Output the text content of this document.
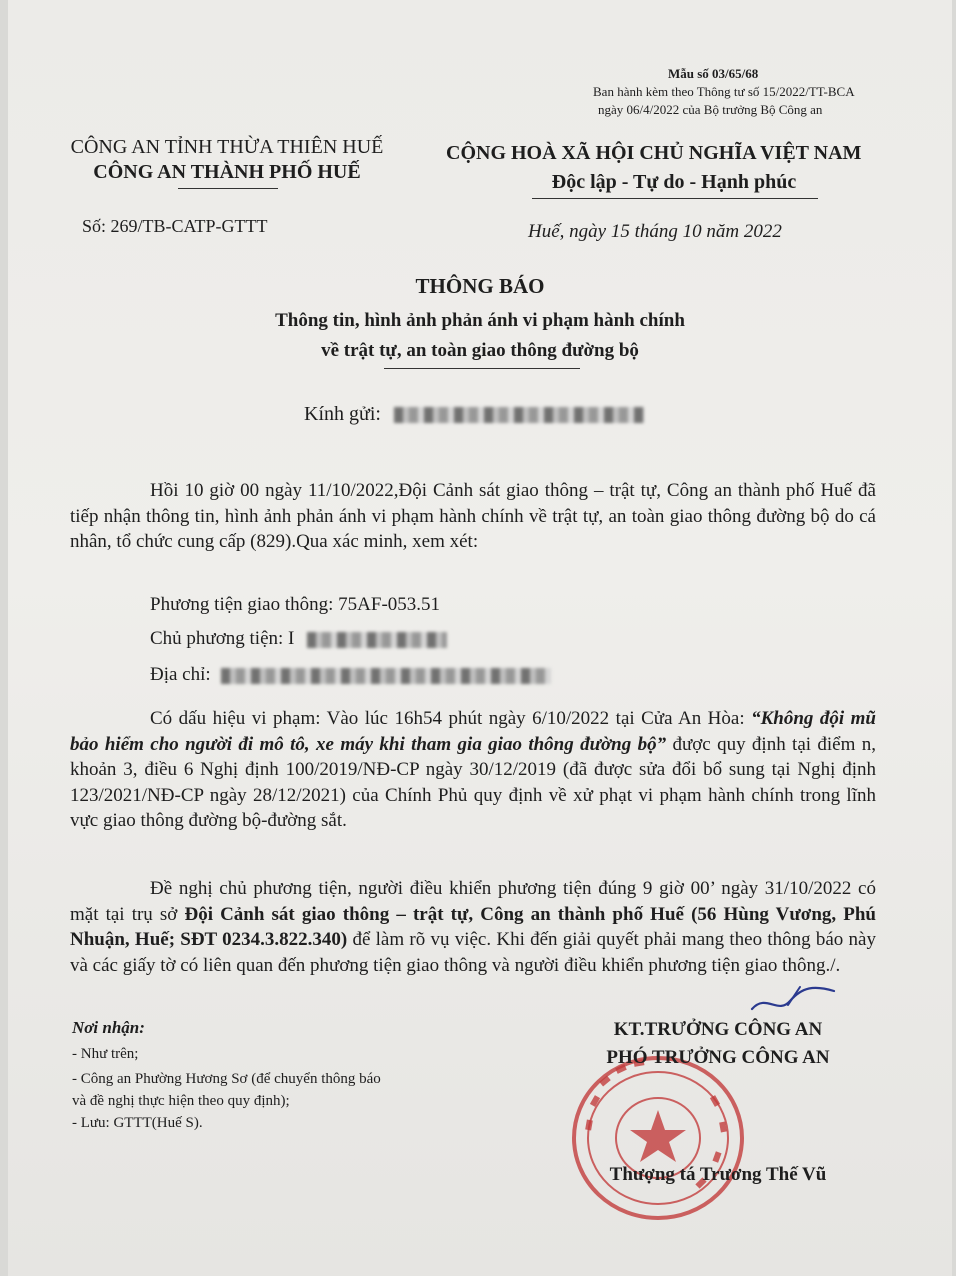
Mẫu số 03/65/68
Ban hành kèm theo Thông tư số 15/2022/TT-BCA
ngày 06/4/2022 của Bộ trưởng Bộ Công an
CÔNG AN TỈNH THỪA THIÊN HUẾ
CÔNG AN THÀNH PHỐ HUẾ
CỘNG HOÀ XÃ HỘI CHỦ NGHĨA VIỆT NAM
Độc lập - Tự do - Hạnh phúc
Số: 269/TB-CATP-GTTT	Huế, ngày 15 tháng 10 năm 2022
THÔNG BÁO
Thông tin, hình ảnh phản ánh vi phạm hành chính
về trật tự, an toàn giao thông đường bộ
Kính gửi:
Hồi 10 giờ 00 ngày 11/10/2022,Đội Cảnh sát giao thông – trật tự, Công an thành phố Huế đã tiếp nhận thông tin, hình ảnh phản ánh vi phạm hành chính về trật tự, an toàn giao thông đường bộ do cá nhân, tổ chức cung cấp (829).Qua xác minh, xem xét:
Phương tiện giao thông: 75AF-053.51
Chủ phương tiện: I
Địa chỉ:
Có dấu hiệu vi phạm: Vào lúc 16h54 phút ngày 6/10/2022 tại Cửa An Hòa: “Không đội mũ bảo hiểm cho người đi mô tô, xe máy khi tham gia giao thông đường bộ” được quy định tại điểm n, khoản 3, điều 6 Nghị định 100/2019/NĐ-CP ngày 30/12/2019 (đã được sửa đổi bổ sung tại Nghị định 123/2021/NĐ-CP ngày 28/12/2021) của Chính Phủ quy định về xử phạt vi phạm hành chính trong lĩnh vực giao thông đường bộ-đường sắt.
Đề nghị chủ phương tiện, người điều khiển phương tiện đúng 9 giờ 00’ ngày 31/10/2022 có mặt tại trụ sở Đội Cảnh sát giao thông – trật tự, Công an thành phố Huế (56 Hùng Vương, Phú Nhuận, Huế; SĐT 0234.3.822.340) để làm rõ vụ việc. Khi đến giải quyết phải mang theo thông báo này và các giấy tờ có liên quan đến phương tiện giao thông và người điều khiển phương tiện giao thông./.
Nơi nhận:
- Như trên;
- Công an Phường Hương Sơ (để chuyển thông báo
và đề nghị thực hiện theo quy định);
- Lưu: GTTT(Huế S).
KT.TRƯỞNG CÔNG AN
PHÓ TRƯỞNG CÔNG AN
Thượng tá Trương Thế Vũ
